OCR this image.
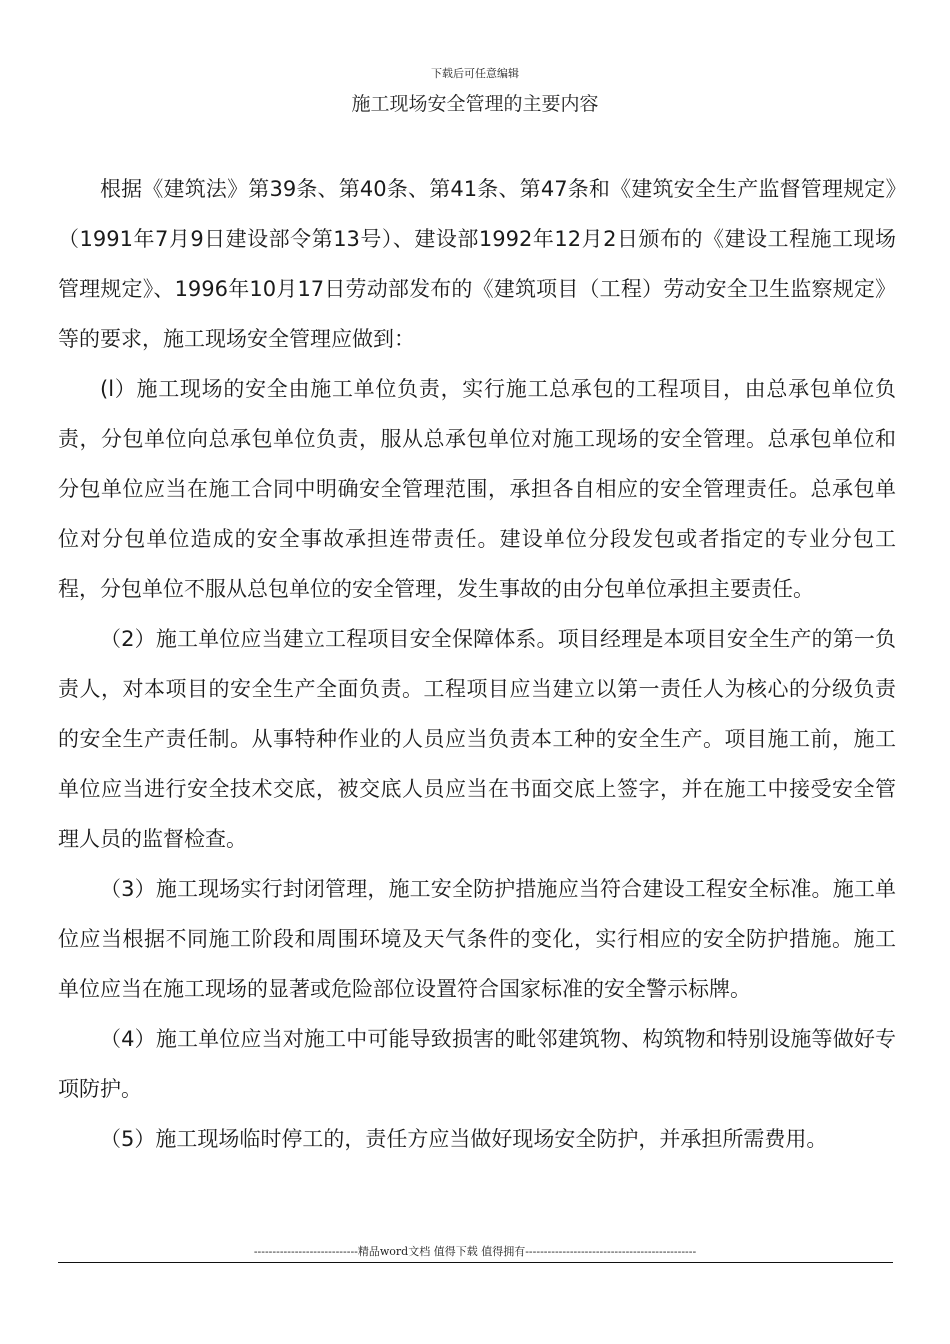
下载后可任意编辑
施工现场安全管理的主要内容

根据《建筑法》第39条、第40条、第41条、第47条和《建筑安全生产监督管理规定》（1991年7月9日建设部令第13号）、建设部1992年12月2日颁布的《建设工程施工现场管理规定》、1996年10月17日劳动部发布的《建筑项目（工程）劳动安全卫生监察规定》等的要求，施工现场安全管理应做到：

(l）施工现场的安全由施工单位负责，实行施工总承包的工程项目，由总承包单位负责，分包单位向总承包单位负责，服从总承包单位对施工现场的安全管理。总承包单位和分包单位应当在施工合同中明确安全管理范围，承担各自相应的安全管理责任。总承包单位对分包单位造成的安全事故承担连带责任。建设单位分段发包或者指定的专业分包工程，分包单位不服从总包单位的安全管理，发生事故的由分包单位承担主要责任。

（2）施工单位应当建立工程项目安全保障体系。项目经理是本项目安全生产的第一负责人，对本项目的安全生产全面负责。工程项目应当建立以第一责任人为核心的分级负责的安全生产责任制。从事特种作业的人员应当负责本工种的安全生产。项目施工前，施工单位应当进行安全技术交底，被交底人员应当在书面交底上签字，并在施工中接受安全管理人员的监督检查。

（3）施工现场实行封闭管理，施工安全防护措施应当符合建设工程安全标准。施工单位应当根据不同施工阶段和周围环境及天气条件的变化，实行相应的安全防护措施。施工单位应当在施工现场的显著或危险部位设置符合国家标准的安全警示标牌。

（4）施工单位应当对施工中可能导致损害的毗邻建筑物、构筑物和特别设施等做好专项防护。

（5）施工现场临时停工的，责任方应当做好现场安全防护，并承担所需费用。

----------------------------精品word文档 值得下载 值得拥有----------------------------------------------
